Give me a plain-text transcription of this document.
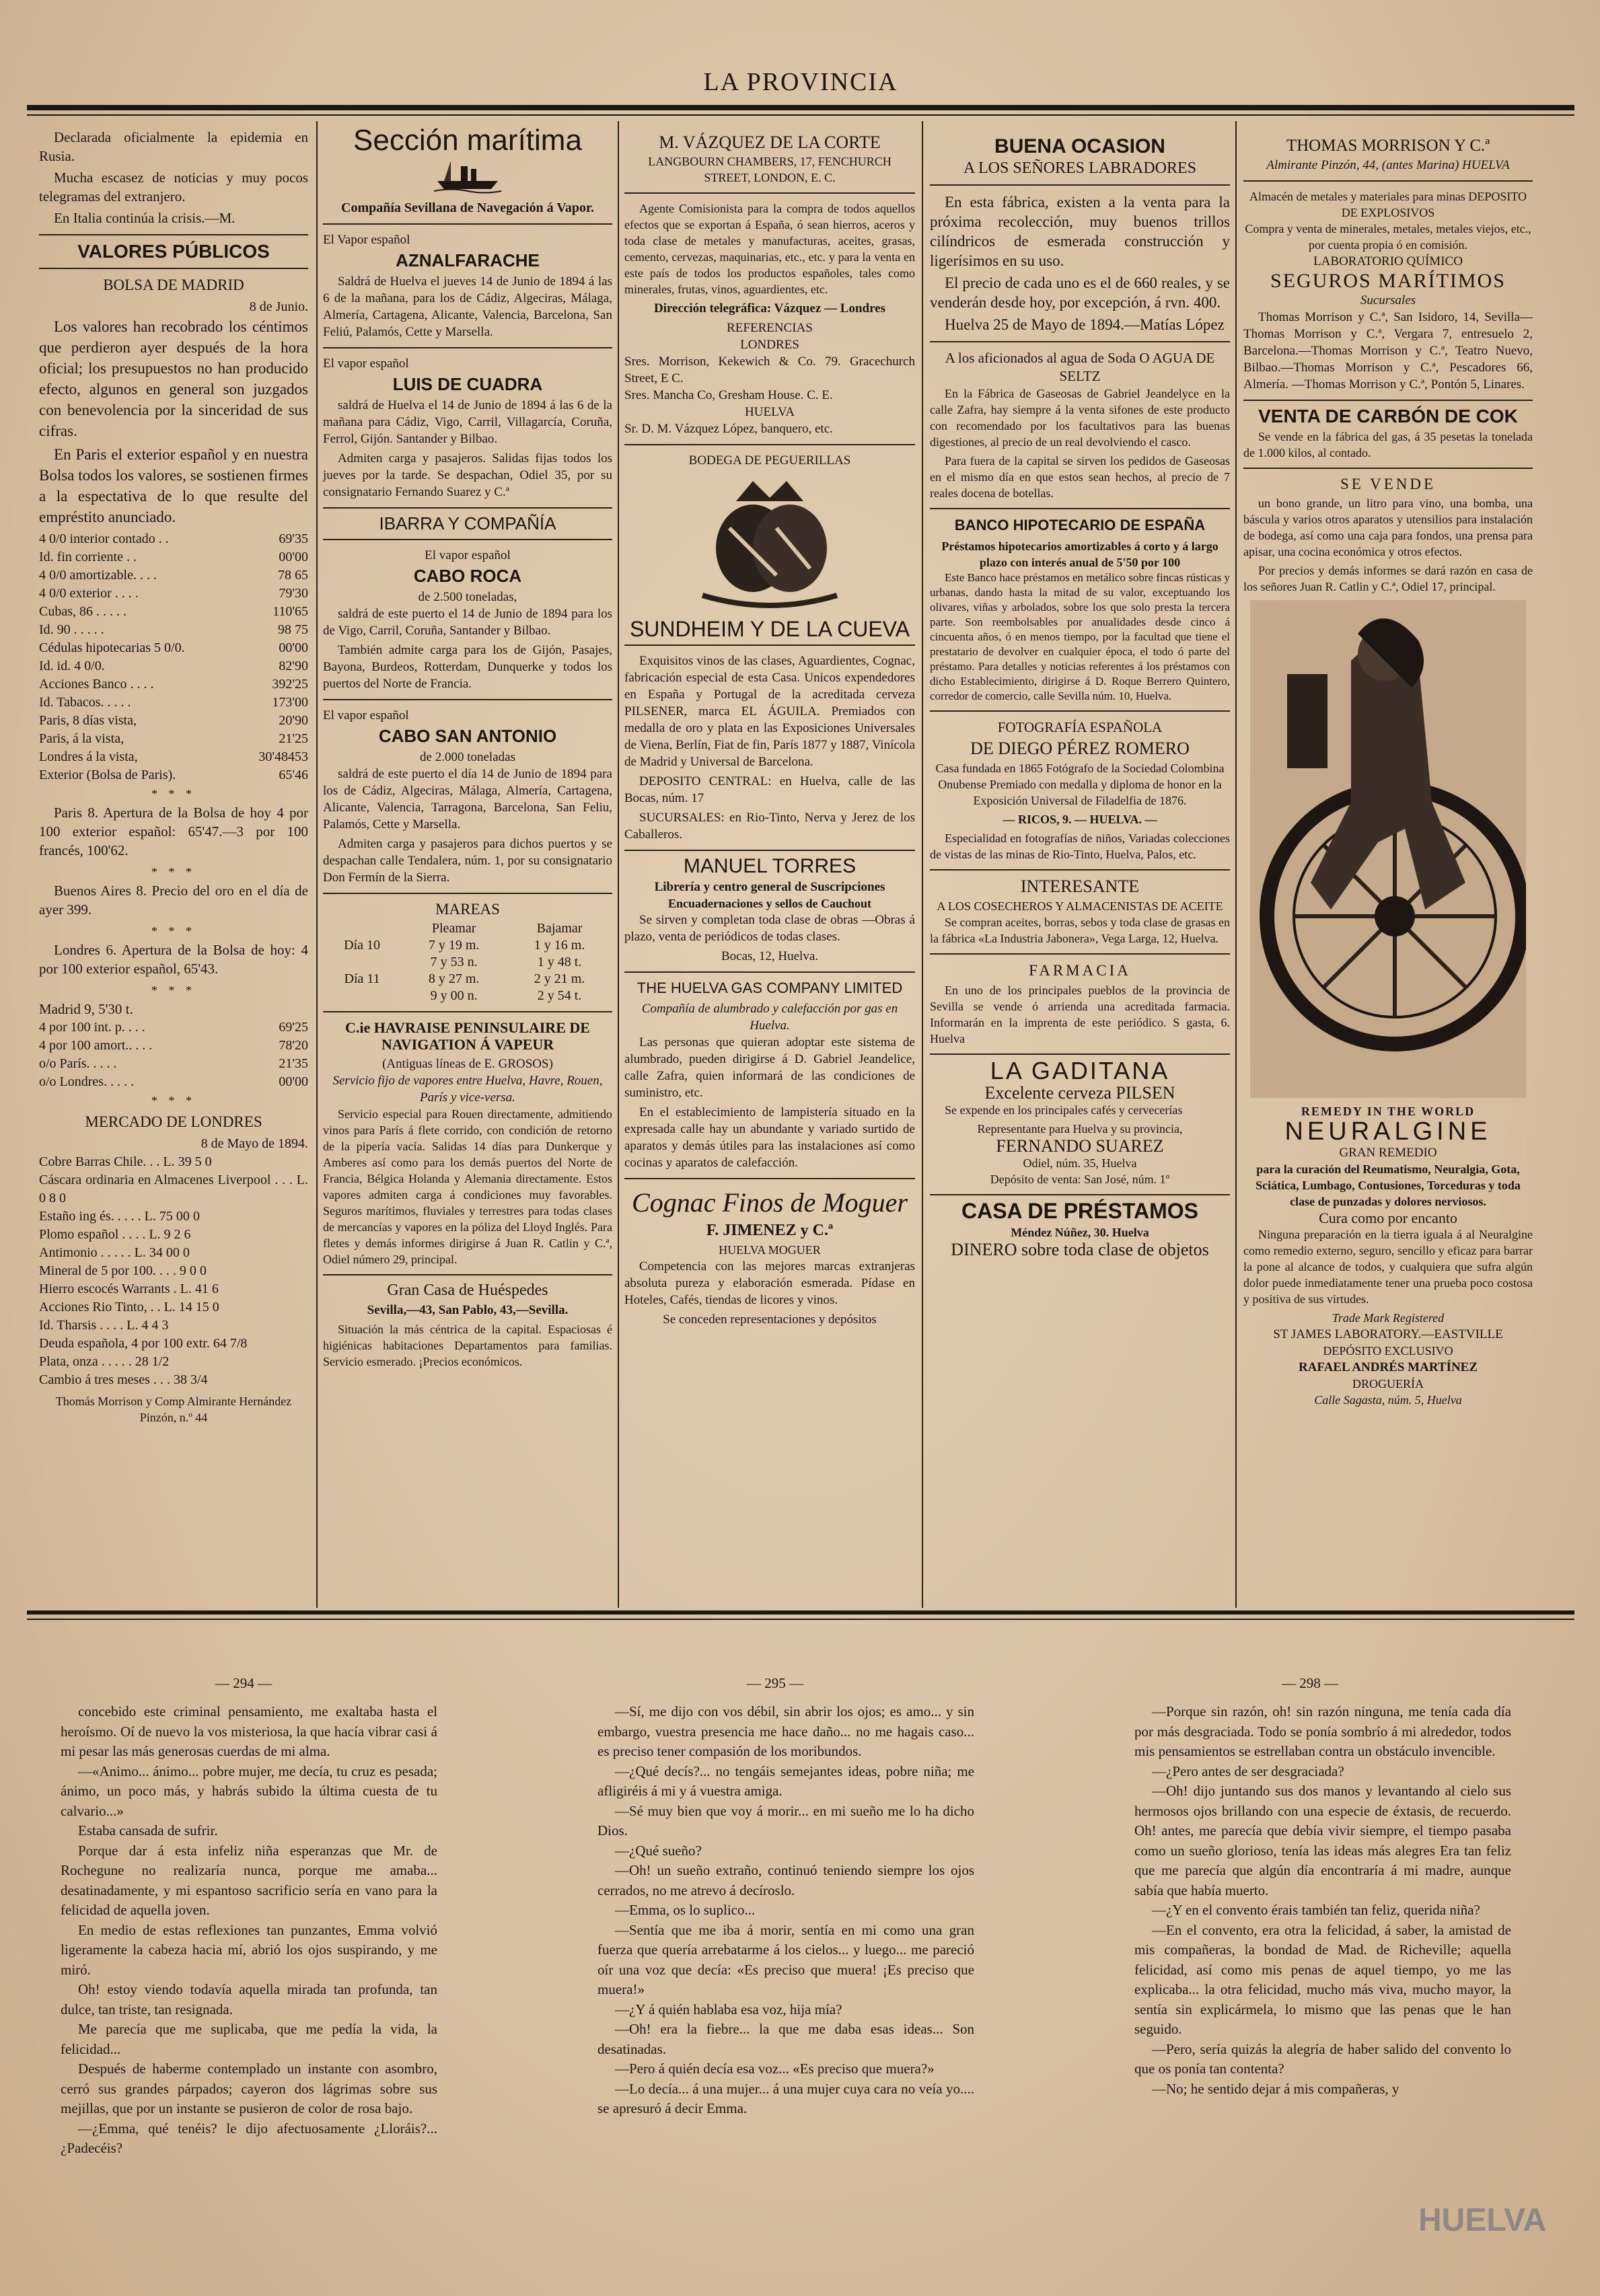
LA PROVINCIA

Declarada oficialmente la epidemia en Rusia.

Mucha escasez de noticias y muy pocos telegramas del extranjero.

En Italia continúa la crisis.—M.

VALORES PÚBLICOS
BOLSA DE MADRID
8 de Junio.

Los valores han recobrado los céntimos que perdieron ayer después de la hora oficial; los presupuestos no han producido efecto, algunos en general son juzgados con benevolencia por la sinceridad de sus cifras.

En Paris el exterior español y en nuestra Bolsa todos los valores, se sostienen firmes a la espectativa de lo que resulte del empréstito anunciado.

4 0/0 interior contado . .	69'35
Id. fin corriente . .	00'00
4 0/0 amortizable. . . .	78 65
4 0/0 exterior . . . .	79'30
Cubas, 86 . . . . .	110'65
Id. 90 . . . . .	98 75
Cédulas hipotecarias 5 0/0.	00'00
Id. id. 4 0/0.	82'90
Acciones Banco . . . .	392'25
Id. Tabacos. . . . .	173'00
Paris, 8 días vista,	20'90
Paris, á la vista,	21'25
Londres á la vista,	30'48453
Exterior (Bolsa de Paris).	65'46
* * *

Paris 8. Apertura de la Bolsa de hoy 4 por 100 exterior español: 65'47.—3 por 100 francés, 100'62.

* * *

Buenos Aires 8. Precio del oro en el día de ayer 399.

* * *

Londres 6. Apertura de la Bolsa de hoy: 4 por 100 exterior español, 65'43.

* * *
Madrid 9, 5'30 t.
4 por 100 int. p. . . .	69'25
4 por 100 amort.. . . .	78'20
o/o París. . . . .	21'35
o/o Londres. . . . .	00'00
* * *
MERCADO DE LONDRES
8 de Mayo de 1894.
Cobre Barras Chile. . . L. 39 5 0
Cáscara ordinaria en Almacenes Liverpool . . . L. 0 8 0
Estaño ing és. . . . . L. 75 00 0
Plomo español . . . . L. 9 2 6
Antimonio . . . . . L. 34 00 0
Mineral de 5 por 100. . . . 9 0 0
Hierro escocés Warrants . L. 41 6
Acciones Rio Tinto, . . L. 14 15 0
Id. Tharsis . . . . L. 4 4 3
Deuda española, 4 por 100 extr. 64 7/8
Plata, onza . . . . . 28 1/2
Cambio á tres meses . . . 38 3/4
Thomás Morrison y Comp Almirante Hernández Pinzón, n.º 44
Sección marítima
Compañía Sevillana de Navegación á Vapor.
El Vapor español
AZNALFARACHE

Saldrá de Huelva el jueves 14 de Junio de 1894 á las 6 de la mañana, para los de Cádiz, Algeciras, Málaga, Almería, Cartagena, Alicante, Valencia, Barcelona, San Feliú, Palamós, Cette y Marsella.

El vapor español
LUIS DE CUADRA

saldrá de Huelva el 14 de Junio de 1894 á las 6 de la mañana para Cádiz, Vigo, Carril, Villagarcía, Coruña, Ferrol, Gijón. Santander y Bilbao.

Admiten carga y pasajeros. Salidas fijas todos los jueves por la tarde. Se despachan, Odiel 35, por su consignatario Fernando Suarez y C.ª

IBARRA Y COMPAÑÍA
El vapor español
CABO ROCA
de 2.500 toneladas,

saldrá de este puerto el 14 de Junio de 1894 para los de Vigo, Carril, Coruña, Santander y Bilbao.

También admite carga para los de Gijón, Pasajes, Bayona, Burdeos, Rotterdam, Dunquerke y todos los puertos del Norte de Francia.

El vapor español
CABO SAN ANTONIO
de 2.000 toneladas

saldrá de este puerto el día 14 de Junio de 1894 para los de Cádiz, Algeciras, Málaga, Almería, Cartagena, Alicante, Valencia, Tarragona, Barcelona, San Feliu, Palamós, Cette y Marsella.

Admiten carga y pasajeros para dichos puertos y se despachan calle Tendalera, núm. 1, por su consignatario Don Fermín de la Sierra.

MAREAS
	Pleamar	Bajamar
Día 10	7 y 19 m.	1 y 16 m.
	7 y 53 n.	1 y 48 t.
Día 11	8 y 27 m.	2 y 21 m.
	9 y 00 n.	2 y 54 t.
C.ie HAVRAISE PENINSULAIRE DE NAVIGATION Á VAPEUR
(Antiguas líneas de E. GROSOS)
Servicio fijo de vapores entre Huelva, Havre, Rouen, París y vice-versa.

Servicio especial para Rouen directamente, admitiendo vinos para París á flete corrido, con condición de retorno de la pipería vacía. Salidas 14 días para Dunkerque y Amberes así como para los demás puertos del Norte de Francia, Bélgica Holanda y Alemania directamente. Estos vapores admiten carga á condiciones muy favorables. Seguros marítimos, fluviales y terrestres para todas clases de mercancías y vapores en la póliza del Lloyd Inglés. Para fletes y demás informes dirigirse á Juan R. Catlin y C.ª, Odiel número 29, principal.

Gran Casa de Huéspedes
Sevilla,—43, San Pablo, 43,—Sevilla.

Situación la más céntrica de la capital. Espaciosas é higiénicas habitaciones Departamentos para familias. Servicio esmerado. ¡Precios económicos.

M. VÁZQUEZ DE LA CORTE
LANGBOURN CHAMBERS, 17, FENCHURCH STREET, LONDON, E. C.

Agente Comisionista para la compra de todos aquellos efectos que se exportan á España, ó sean hierros, aceros y toda clase de metales y manufacturas, aceites, grasas, cemento, cervezas, maquinarias, etc., etc. y para la venta en este país de todos los productos españoles, tales como minerales, frutas, vinos, aguardientes, etc.

Dirección telegráfica: Vázquez — Londres
REFERENCIAS
LONDRES
Sres. Morrison, Kekewich & Co. 79. Gracechurch Street, E C.
Sres. Mancha Co, Gresham House. C. E.
HUELVA
Sr. D. M. Vázquez López, banquero, etc.
BODEGA DE PEGUERILLAS
SUNDHEIM Y DE LA CUEVA

Exquisitos vinos de las clases, Aguardientes, Cognac, fabricación especial de esta Casa. Unicos expendedores en España y Portugal de la acreditada cerveza PILSENER, marca EL ÁGUILA. Premiados con medalla de oro y plata en las Exposiciones Universales de Viena, Berlín, Fiat de fin, París 1877 y 1887, Vinícola de Madrid y Universal de Barcelona.

DEPOSITO CENTRAL: en Huelva, calle de las Bocas, núm. 17

SUCURSALES: en Rio-Tinto, Nerva y Jerez de los Caballeros.

MANUEL TORRES
Librería y centro general de Suscripciones
Encuadernaciones y sellos de Cauchout

Se sirven y completan toda clase de obras —Obras á plazo, venta de periódicos de todas clases.

Bocas, 12, Huelva.
THE HUELVA GAS COMPANY LIMITED
Compañía de alumbrado y calefacción por gas en Huelva.

Las personas que quieran adoptar este sistema de alumbrado, pueden dirigirse á D. Gabriel Jeandelice, calle Zafra, quien informará de las condiciones de suministro, etc.

En el establecimiento de lampistería situado en la expresada calle hay un abundante y variado surtido de aparatos y demás útiles para las instalaciones así como cocinas y aparatos de calefacción.

Cognac Finos de Moguer
F. JIMENEZ y C.ª
HUELVA MOGUER

Competencia con las mejores marcas extranjeras absoluta pureza y elaboración esmerada. Pídase en Hoteles, Cafés, tiendas de licores y vinos.

Se conceden representaciones y depósitos
BUENA OCASION
A LOS SEÑORES LABRADORES

En esta fábrica, existen a la venta para la próxima recolección, muy buenos trillos cilíndricos de esmerada construcción y ligerísimos en su uso.

El precio de cada uno es el de 660 reales, y se venderán desde hoy, por excepción, á rvn. 400.

Huelva 25 de Mayo de 1894.—Matías López

A los aficionados al agua de Soda O AGUA DE SELTZ

En la Fábrica de Gaseosas de Gabriel Jeandelyce en la calle Zafra, hay siempre á la venta sifones de este producto con recomendado por los facultativos para las buenas digestiones, al precio de un real devolviendo el casco.

Para fuera de la capital se sirven los pedidos de Gaseosas en el mismo día en que estos sean hechos, al precio de 7 reales docena de botellas.

BANCO HIPOTECARIO DE ESPAÑA
Préstamos hipotecarios amortizables á corto y á largo plazo con interés anual de 5'50 por 100

Este Banco hace préstamos en metálico sobre fincas rústicas y urbanas, dando hasta la mitad de su valor, exceptuando los olivares, viñas y arbolados, sobre los que solo presta la tercera parte. Son reembolsables por anualidades desde cinco á cincuenta años, ó en menos tiempo, por la facultad que tiene el prestatario de devolver en cualquier época, el todo ó parte del préstamo. Para detalles y noticias referentes á los préstamos con dicho Establecimiento, dirigirse á D. Roque Berrero Quintero, corredor de comercio, calle Sevilla núm. 10, Huelva.

FOTOGRAFÍA ESPAÑOLA
DE DIEGO PÉREZ ROMERO
Casa fundada en 1865 Fotógrafo de la Sociedad Colombina Onubense Premiado con medalla y diploma de honor en la Exposición Universal de Filadelfia de 1876.
— RICOS, 9. — HUELVA. —

Especialidad en fotografías de niños, Variadas colecciones de vistas de las minas de Rio-Tinto, Huelva, Palos, etc.

INTERESANTE
A LOS COSECHEROS Y ALMACENISTAS DE ACEITE

Se compran aceites, borras, sebos y toda clase de grasas en la fábrica «La Industria Jabonera», Vega Larga, 12, Huelva.

FARMACIA

En uno de los principales pueblos de la provincia de Sevilla se vende ó arrienda una acreditada farmacia. Informarán en la imprenta de este periódico. S gasta, 6. Huelva

LA GADITANA
Excelente cerveza PILSEN

Se expende en los principales cafés y cervecerías

Representante para Huelva y su provincia,
FERNANDO SUAREZ
Odiel, núm. 35, Huelva
Depósito de venta: San José, núm. 1º
CASA DE PRÉSTAMOS
Méndez Núñez, 30. Huelva
DINERO sobre toda clase de objetos
THOMAS MORRISON Y C.ª
Almirante Pinzón, 44, (antes Marina) HUELVA
Almacén de metales y materiales para minas DEPOSITO DE EXPLOSIVOS
Compra y venta de minerales, metales, metales viejos, etc.,
por cuenta propia ó en comisión.
LABORATORIO QUÍMICO
SEGUROS MARÍTIMOS
Sucursales

Thomas Morrison y C.ª, San Isidoro, 14, Sevilla—Thomas Morrison y C.ª, Vergara 7, entresuelo 2, Barcelona.—Thomas Morrison y C.ª, Teatro Nuevo, Bilbao.—Thomas Morrison y C.ª, Pescadores 66, Almería. —Thomas Morrison y C.ª, Pontón 5, Linares.

VENTA DE CARBÓN DE COK

Se vende en la fábrica del gas, á 35 pesetas la tonelada de 1.000 kilos, al contado.

SE VENDE

un bono grande, un litro para vino, una bomba, una báscula y varios otros aparatos y utensilios para instalación de bodega, así como una caja para fondos, una prensa para apisar, una cocina económica y otros efectos.

Por precios y demás informes se dará razón en casa de los señores Juan R. Catlin y C.ª, Odiel 17, principal.

REMEDY IN THE WORLD
NEURALGINE
GRAN REMEDIO
para la curación del Reumatismo, Neuralgia, Gota, Sciática, Lumbago, Contusiones, Torceduras y toda clase de punzadas y dolores nerviosos.
Cura como por encanto

Ninguna preparación en la tierra iguala á al Neuralgine como remedio externo, seguro, sencillo y eficaz para barrar la pone al alcance de todos, y cualquiera que sufra algún dolor puede inmediatamente tener una prueba poco costosa y positiva de sus virtudes.

Trade Mark Registered
ST JAMES LABORATORY.—EASTVILLE
DEPÓSITO EXCLUSIVO
RAFAEL ANDRÉS MARTÍNEZ
DROGUERÍA
Calle Sagasta, núm. 5, Huelva
— 294 —	— 295 —	— 298 —

concebido este criminal pensamiento, me exaltaba hasta el heroísmo. Oí de nuevo la vos misteriosa, la que hacía vibrar casi á mi pesar las más generosas cuerdas de mi alma.

—«Animo... ánimo... pobre mujer, me decía, tu cruz es pesada; ánimo, un poco más, y habrás subido la última cuesta de tu calvario...»

Estaba cansada de sufrir.

Porque dar á esta infeliz niña esperanzas que Mr. de Rochegune no realizaría nunca, porque me amaba... desatinadamente, y mi espantoso sacrificio sería en vano para la felicidad de aquella joven.

En medio de estas reflexiones tan punzantes, Emma volvió ligeramente la cabeza hacia mí, abrió los ojos suspirando, y me miró.

Oh! estoy viendo todavía aquella mirada tan profunda, tan dulce, tan triste, tan resignada.

Me parecía que me suplicaba, que me pedía la vida, la felicidad...

Después de haberme contemplado un instante con asombro, cerró sus grandes párpados; cayeron dos lágrimas sobre sus mejillas, que por un instante se pusieron de color de rosa bajo.

—¿Emma, qué tenéis? le dijo afectuosamente ¿Lloráis?... ¿Padecéis?

—Sí, me dijo con vos débil, sin abrir los ojos; es amo... y sin embargo, vuestra presencia me hace daño... no me hagais caso... es preciso tener compasión de los moribundos.

—¿Qué decís?... no tengáis semejantes ideas, pobre niña; me afligiréis á mi y á vuestra amiga.

—Sé muy bien que voy á morir... en mi sueño me lo ha dicho Dios.

—¿Qué sueño?

—Oh! un sueño extraño, continuó teniendo siempre los ojos cerrados, no me atrevo á decíroslo.

—Emma, os lo suplico...

—Sentía que me iba á morir, sentía en mi como una gran fuerza que quería arrebatarme á los cielos... y luego... me pareció oír una voz que decía: «Es preciso que muera! ¡Es preciso que muera!»

—¿Y á quién hablaba esa voz, hija mía?

—Oh! era la fiebre... la que me daba esas ideas... Son desatinadas.

—Pero á quién decía esa voz... «Es preciso que muera?»

—Lo decía... á una mujer... á una mujer cuya cara no veía yo.... se apresuró á decir Emma.

—Porque sin razón, oh! sin razón ninguna, me tenía cada día por más desgraciada. Todo se ponía sombrío á mi alrededor, todos mis pensamientos se estrellaban contra un obstáculo invencible.

—¿Pero antes de ser desgraciada?

—Oh! dijo juntando sus dos manos y levantando al cielo sus hermosos ojos brillando con una especie de éxtasis, de recuerdo. Oh! antes, me parecía que debía vivir siempre, el tiempo pasaba como un sueño glorioso, tenía las ideas más alegres Era tan feliz que me parecía que algún día encontraría á mi madre, aunque sabía que había muerto.

—¿Y en el convento érais también tan feliz, querida niña?

—En el convento, era otra la felicidad, á saber, la amistad de mis compañeras, la bondad de Mad. de Richeville; aquella felicidad, así como mis penas de aquel tiempo, yo me las explicaba... la otra felicidad, mucho más viva, mucho mayor, la sentía sin explicármela, lo mismo que las penas que le han seguido.

—Pero, sería quizás la alegría de haber salido del convento lo que os ponía tan contenta?

—No; he sentido dejar á mis compañeras, y

HUELVA
